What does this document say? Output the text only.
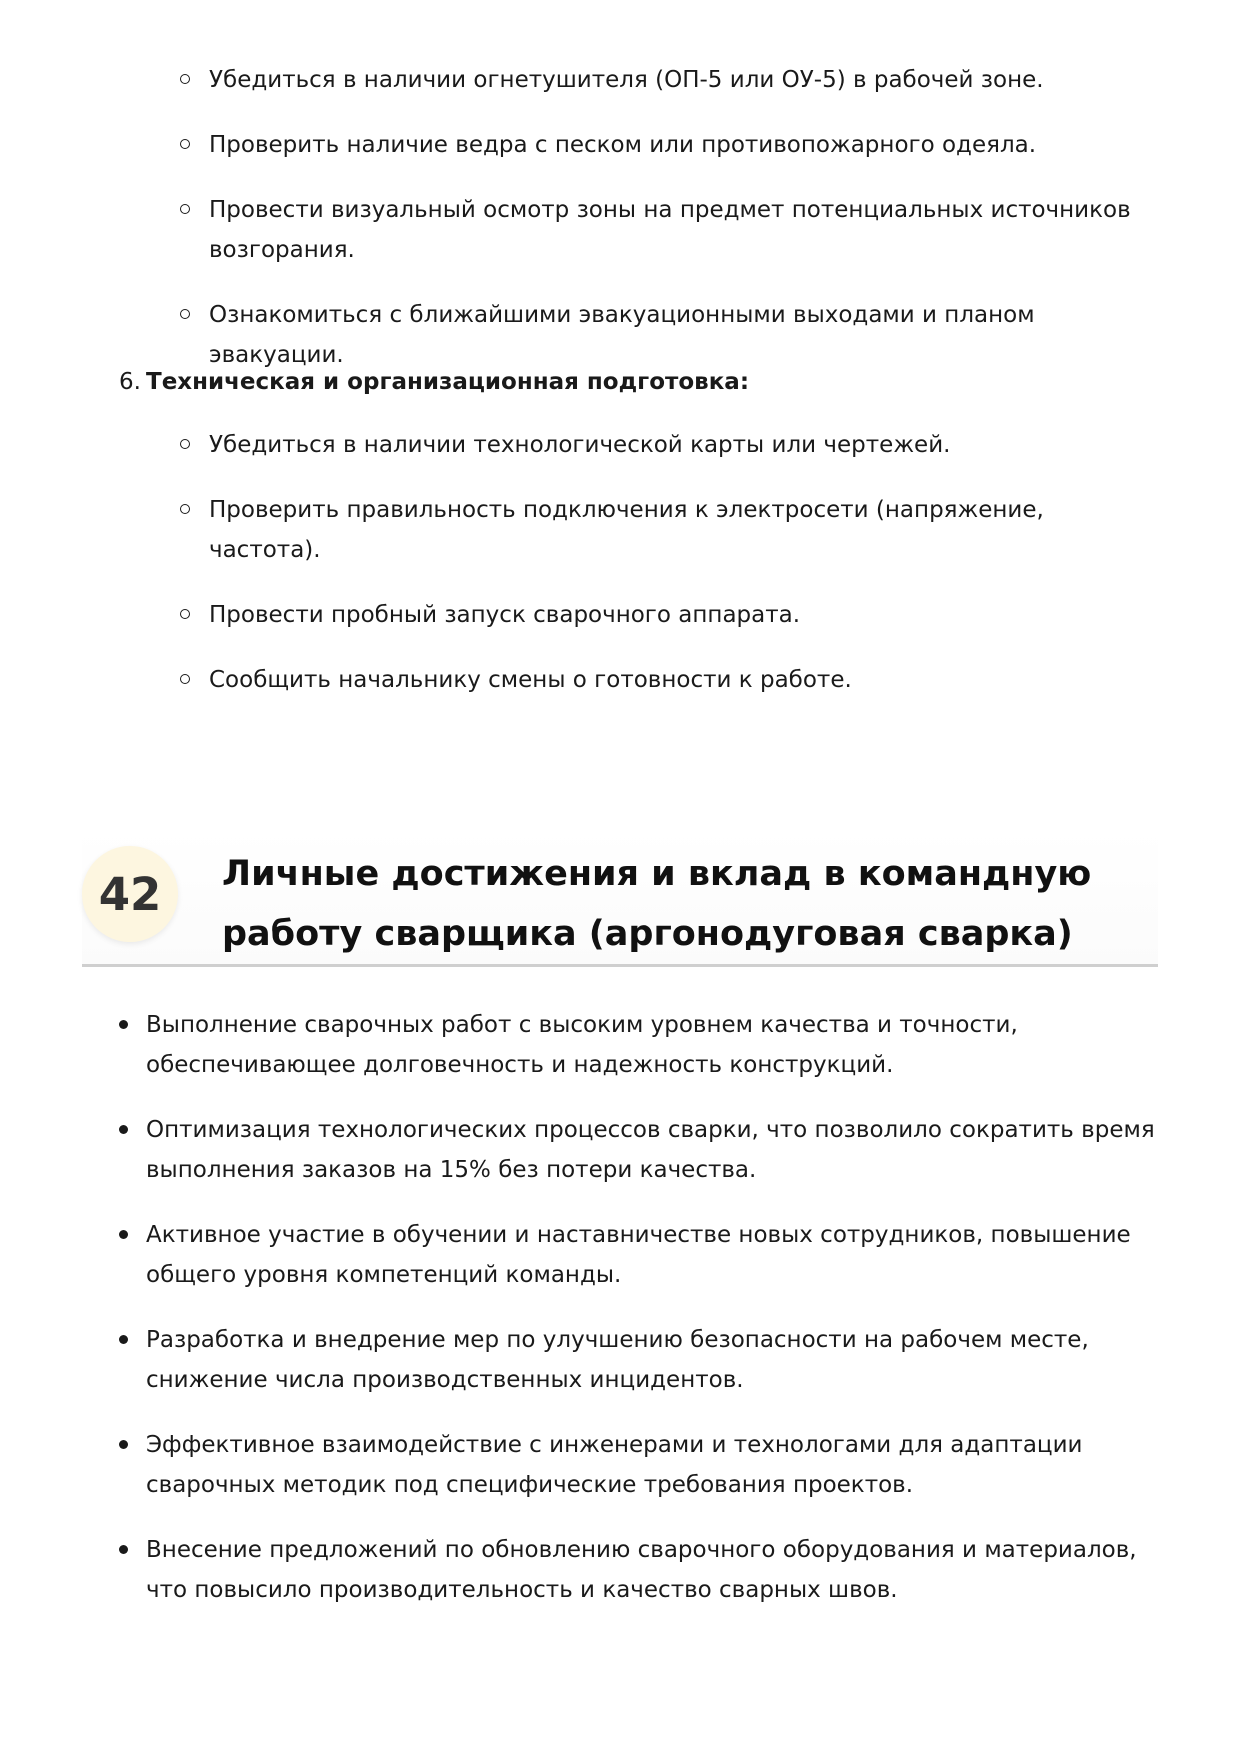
Убедиться в наличии огнетушителя (ОП-5 или ОУ-5) в рабочей зоне.
Проверить наличие ведра с песком или противопожарного одеяла.
Провести визуальный осмотр зоны на предмет потенциальных источников возгорания.
Ознакомиться с ближайшими эвакуационными выходами и планом эвакуации.
6. Техническая и организационная подготовка:
Убедиться в наличии технологической карты или чертежей.
Проверить правильность подключения к электросети (напряжение, частота).
Провести пробный запуск сварочного аппарата.
Сообщить начальнику смены о готовности к работе.
42	Личные достижения и вклад в командную работу сварщика (аргонодуговая сварка)
Выполнение сварочных работ с высоким уровнем качества и точности, обеспечивающее долговечность и надежность конструкций.
Оптимизация технологических процессов сварки, что позволило сократить время выполнения заказов на 15% без потери качества.
Активное участие в обучении и наставничестве новых сотрудников, повышение общего уровня компетенций команды.
Разработка и внедрение мер по улучшению безопасности на рабочем месте, снижение числа производственных инцидентов.
Эффективное взаимодействие с инженерами и технологами для адаптации сварочных методик под специфические требования проектов.
Внесение предложений по обновлению сварочного оборудования и материалов, что повысило производительность и качество сварных швов.
